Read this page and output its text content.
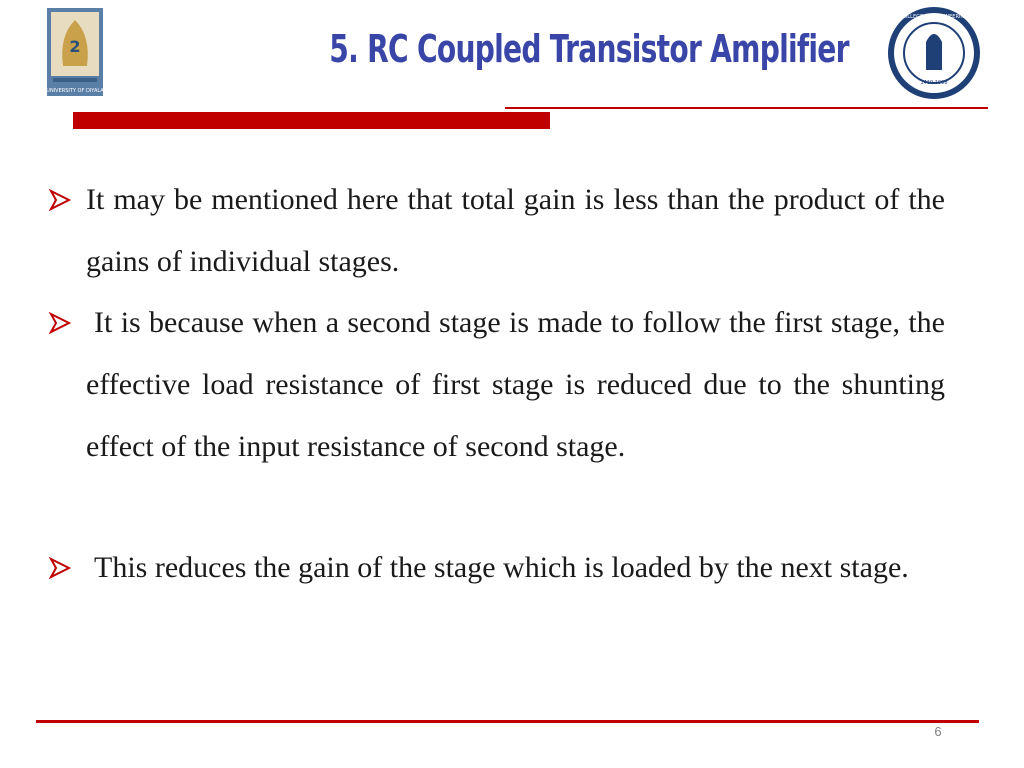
2
UNIVERSITY OF DIYALA
5. RC Coupled Transistor Amplifier
1419 1998
COLLEGE OF ENGINEERING

It may be mentioned here that total gain is less than the product of the gains of individual stages.

It is because when a second stage is made to follow the first stage, the effective load resistance of first stage is reduced due to the shunting effect of the input resistance of second stage.

This reduces the gain of the stage which is loaded by the next stage.

6
